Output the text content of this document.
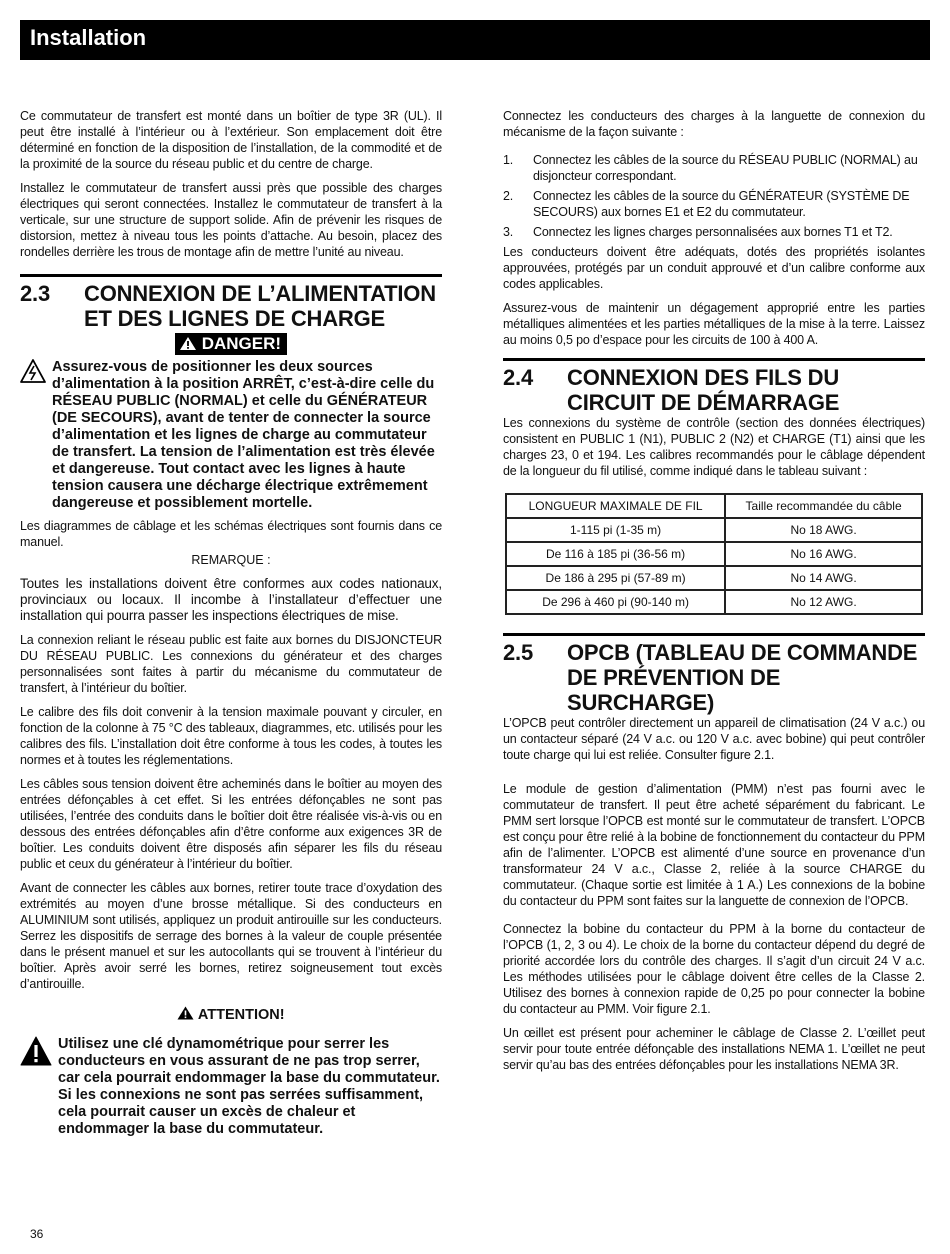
Installation

Ce commutateur de transfert est monté dans un boîtier de type 3R (UL). Il peut être installé à l’intérieur ou à l’extérieur. Son emplacement doit être déterminé en fonction de la disposition de l’installation, de la commodité et de la proximité de la source du réseau public et du centre de charge.

Installez le commutateur de transfert aussi près que possible des charges électriques qui seront connectées. Installez le commutateur de transfert à la verticale, sur une structure de support solide. Afin de prévenir les risques de distorsion, mettez à niveau tous les points d’attache. Au besoin, placez des rondelles derrière les trous de montage afin de mettre l’unité au niveau.

2.3	CONNEXION DE L’ALIMENTATION ET DES LIGNES DE CHARGE
DANGER!
Assurez-vous de positionner les deux sources d’alimentation à la position ARRÊT, c’est-à-dire celle du RÉSEAU PUBLIC (NORMAL) et celle du GÉNÉRATEUR (DE SECOURS), avant de tenter de connecter la source d’alimentation et les lignes de charge au commutateur de transfert. La tension de l’alimentation est très élevée et dangereuse. Tout contact avec les lignes à haute tension causera une décharge électrique extrêmement dangereuse et possiblement mortelle.

Les diagrammes de câblage et les schémas électriques sont fournis dans ce manuel.

REMARQUE :

Toutes les installations doivent être conformes aux codes nationaux, provinciaux ou locaux. Il incombe à l’installateur d’effectuer une installation qui pourra passer les inspections électriques de mise.

La connexion reliant le réseau public est faite aux bornes du DISJONCTEUR DU RÉSEAU PUBLIC. Les connexions du générateur et des charges personnalisées sont faites à partir du mécanisme du commutateur de transfert, à l’intérieur du boîtier.

Le calibre des fils doit convenir à la tension maximale pouvant y circuler, en fonction de la colonne à 75 °C des tableaux, diagrammes, etc. utilisés pour les calibres des fils. L’installation doit être conforme à tous les codes, à toutes les normes et à toutes les réglementations.

Les câbles sous tension doivent être acheminés dans le boîtier au moyen des entrées défonçables à cet effet. Si les entrées défonçables ne sont pas utilisées, l’entrée des conduits dans le boîtier doit être réalisée vis-à-vis ou en dessous des entrées défonçables afin d’être conforme aux exigences 3R de boîtier. Les conduits doivent être disposés afin séparer les fils du réseau public et ceux du générateur à l’intérieur du boîtier.

Avant de connecter les câbles aux bornes, retirer toute trace d’oxydation des extrémités au moyen d’une brosse métallique. Si des conducteurs en ALUMINIUM sont utilisés, appliquez un produit antirouille sur les conducteurs. Serrez les dispositifs de serrage des bornes à la valeur de couple présentée dans le présent manuel et sur les autocollants qui se trouvent à l’intérieur du boîtier. Après avoir serré les bornes, retirez soigneusement tout excès d’antirouille.

ATTENTION!
Utilisez une clé dynamométrique pour serrer les conducteurs en vous assurant de ne pas trop serrer, car cela pourrait endommager la base du commutateur. Si les connexions ne sont pas serrées suffisamment, cela pourrait causer un excès de chaleur et endommager la base du commutateur.

Connectez les conducteurs des charges à la languette de connexion du mécanisme de la façon suivante :

1.	Connectez les câbles de la source du RÉSEAU PUBLIC (NORMAL) au disjoncteur correspondant.
2.	Connectez les câbles de la source du GÉNÉRATEUR (SYSTÈME DE SECOURS) aux bornes E1 et E2 du commutateur.
3.	Connectez les lignes charges personnalisées aux bornes T1 et T2.

Les conducteurs doivent être adéquats, dotés des propriétés isolantes approuvées, protégés par un conduit approuvé et d’un calibre conforme aux codes applicables.

Assurez-vous de maintenir un dégagement approprié entre les parties métalliques alimentées et les parties métalliques de la mise à la terre. Laissez au moins 0,5 po d’espace pour les circuits de 100 à 400 A.

2.4	CONNEXION DES FILS DU CIRCUIT DE DÉMARRAGE

Les connexions du système de contrôle (section des données électriques) consistent en PUBLIC 1 (N1), PUBLIC 2 (N2) et CHARGE (T1) ainsi que les charges 23, 0 et 194. Les calibres recommandés pour le câblage dépendent de la longueur du fil utilisé, comme indiqué dans le tableau suivant :

LONGUEUR MAXIMALE DE FIL	Taille recommandée du câble
1-115 pi (1-35 m)	No 18 AWG.
De 116 à 185 pi (36-56 m)	No 16 AWG.
De 186 à 295 pi (57-89 m)	No 14 AWG.
De 296 à 460 pi (90-140 m)	No 12 AWG.
2.5	OPCB (TABLEAU DE COMMANDE DE PRÉVENTION DE SURCHARGE)

L’OPCB peut contrôler directement un appareil de climatisation (24 V a.c.) ou un contacteur séparé (24 V a.c. ou 120 V a.c. avec bobine) qui peut contrôler toute charge qui lui est reliée. Consulter figure 2.1.

Le module de gestion d’alimentation (PMM) n’est pas fourni avec le commutateur de transfert. Il peut être acheté séparément du fabricant. Le PMM sert lorsque l’OPCB est monté sur le commutateur de transfert. L’OPCB est conçu pour être relié à la bobine de fonctionnement du contacteur du PPM afin de l’alimenter. L’OPCB est alimenté d’une source en provenance d’un transformateur 24 V a.c., Classe 2, reliée à la source CHARGE du commutateur. (Chaque sortie est limitée à 1 A.) Les connexions de la bobine du contacteur du PPM sont faites sur la languette de connexion de l’OPCB.

Connectez la bobine du contacteur du PPM à la borne du contacteur de l’OPCB (1, 2, 3 ou 4). Le choix de la borne du contacteur dépend du degré de priorité accordée lors du contrôle des charges. Il s’agit d’un circuit 24 V a.c. Les méthodes utilisées pour le câblage doivent être celles de la Classe 2. Utilisez des bornes à connexion rapide de 0,25 po pour connecter la bobine du contacteur au PMM. Voir figure 2.1.

Un œillet est présent pour acheminer le câblage de Classe 2. L’œillet peut servir pour toute entrée défonçable des installations NEMA 1. L’œillet ne peut servir qu’au bas des entrées défonçables pour les installations NEMA 3R.

36
